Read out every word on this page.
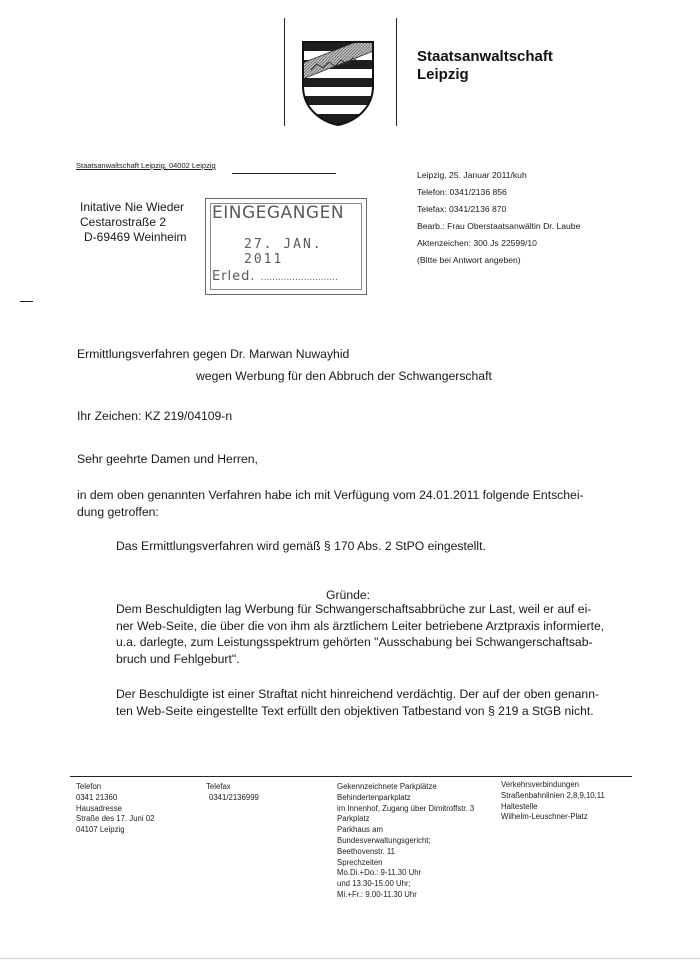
Staatsanwaltschaft
Leipzig
Staatsanwaltschaft Leipzig, 04002 Leipzig
Initative Nie Wieder
Cestarostraße 2
D-69469 Weinheim
EINGEGANGEN
27. JAN. 2011
Erled. ...........................
Leipzig, 25. Januar 2011/kuh
Telefon: 0341/2136 856
Telefax: 0341/2136 870
Bearb.: Frau Oberstaatsanwältin Dr. Laube
Aktenzeichen: 300 Js 22599/10
(Bitte bei Antwort angeben)
Ermittlungsverfahren gegen Dr. Marwan Nuwayhid
wegen Werbung für den Abbruch der Schwangerschaft
Ihr Zeichen: KZ 219/04109-n
Sehr geehrte Damen und Herren,
in dem oben genannten Verfahren habe ich mit Verfügung vom 24.01.2011 folgende Entschei-
dung getroffen:
Das Ermittlungsverfahren wird gemäß § 170 Abs. 2 StPO eingestellt.
Gründe:
Dem Beschuldigten lag Werbung für Schwangerschaftsabbrüche zur Last, weil er auf ei-
ner Web-Seite, die über die von ihm als ärztlichem Leiter betriebene Arztpraxis informierte,
u.a. darlegte, zum Leistungsspektrum gehörten "Ausschabung bei Schwangerschaftsab-
bruch und Fehlgeburt".
Der Beschuldigte ist einer Straftat nicht hinreichend verdächtig. Der auf der oben genann-
ten Web-Seite eingestellte Text erfüllt den objektiven Tatbestand von § 219 a StGB nicht.
Telefon
0341 21360
Hausadresse
Straße des 17. Juni 02
04107 Leipzig
Telefax
0341/2136999
Gekennzeichnete Parkplätze
Behindertenparkplatz
im Innenhof, Zugang über Dimitroffstr. 3
Parkplatz
Parkhaus am
Bundesverwaltungsgericht;
Beethovenstr. 11
Sprechzeiten
Mo.Di.+Do.: 9-11.30 Uhr
und 13.30-15.00 Uhr;
Mi.+Fr.: 9.00-11.30 Uhr
Verkehrsverbindungen
Straßenbahnlinien 2,8,9,10,11
Haltestelle
Wilhelm-Leuschner-Platz
